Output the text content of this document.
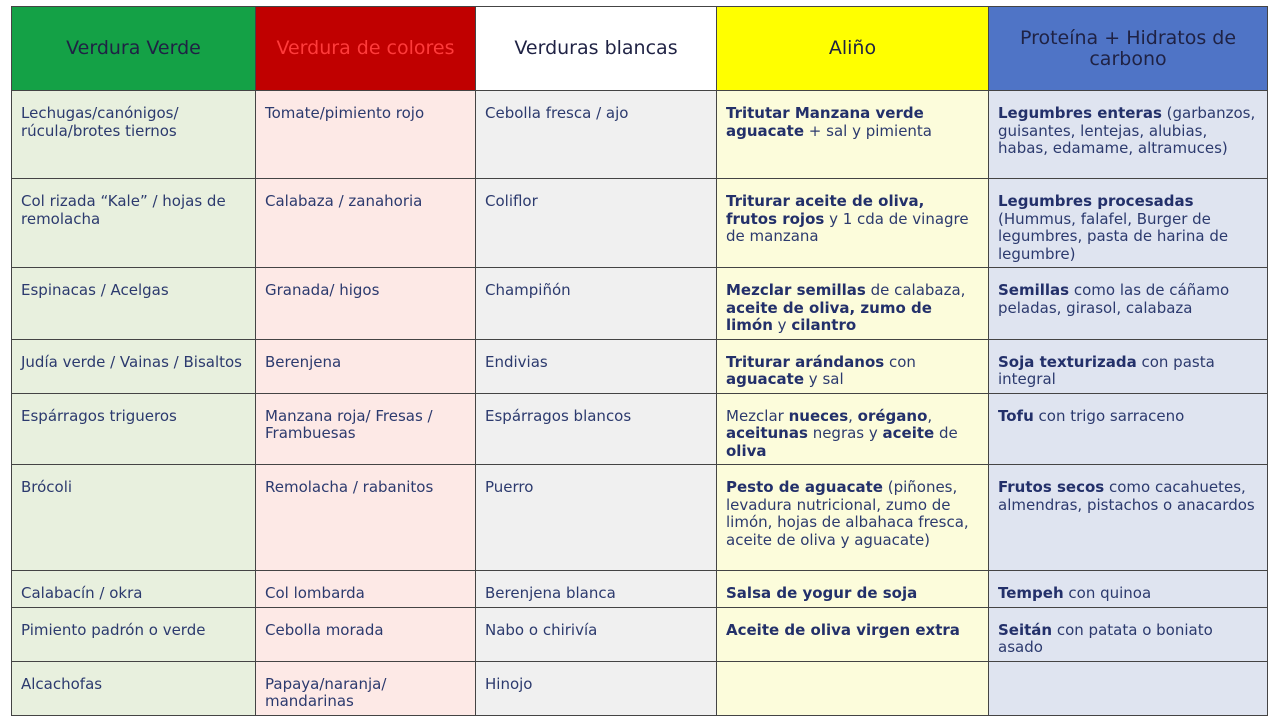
Verdura Verde	Verdura de colores	Verduras blancas	Aliño	Proteína + Hidratos de carbono
Lechugas/canónigos/ rúcula/brotes tiernos	Tomate/pimiento rojo	Cebolla fresca / ajo	Tritutar Manzana verde aguacate + sal y pimienta	Legumbres enteras (garbanzos, guisantes, lentejas, alubias, habas, edamame, altramuces)
Col rizada “Kale” / hojas de remolacha	Calabaza / zanahoria	Coliflor	Triturar aceite de oliva, frutos rojos y 1 cda de vinagre de manzana	Legumbres procesadas (Hummus, falafel, Burger de legumbres, pasta de harina de legumbre)
Espinacas / Acelgas	Granada/ higos	Champiñón	Mezclar semillas de calabaza, aceite de oliva, zumo de limón y cilantro	Semillas como las de cáñamo peladas, girasol, calabaza
Judía verde / Vainas / Bisaltos	Berenjena	Endivias	Triturar arándanos con aguacate y sal	Soja texturizada con pasta integral
Espárragos trigueros	Manzana roja/ Fresas / Frambuesas	Espárragos blancos	Mezclar nueces, orégano, aceitunas negras y aceite de oliva	Tofu con trigo sarraceno
Brócoli	Remolacha / rabanitos	Puerro	Pesto de aguacate (piñones, levadura nutricional, zumo de limón, hojas de albahaca fresca, aceite de oliva y aguacate)	Frutos secos como cacahuetes, almendras, pistachos o anacardos
Calabacín / okra	Col lombarda	Berenjena blanca	Salsa de yogur de soja	Tempeh con quinoa
Pimiento padrón o verde	Cebolla morada	Nabo o chirivía	Aceite de oliva virgen extra	Seitán con patata o boniato asado
Alcachofas	Papaya/naranja/ mandarinas	Hinojo		
